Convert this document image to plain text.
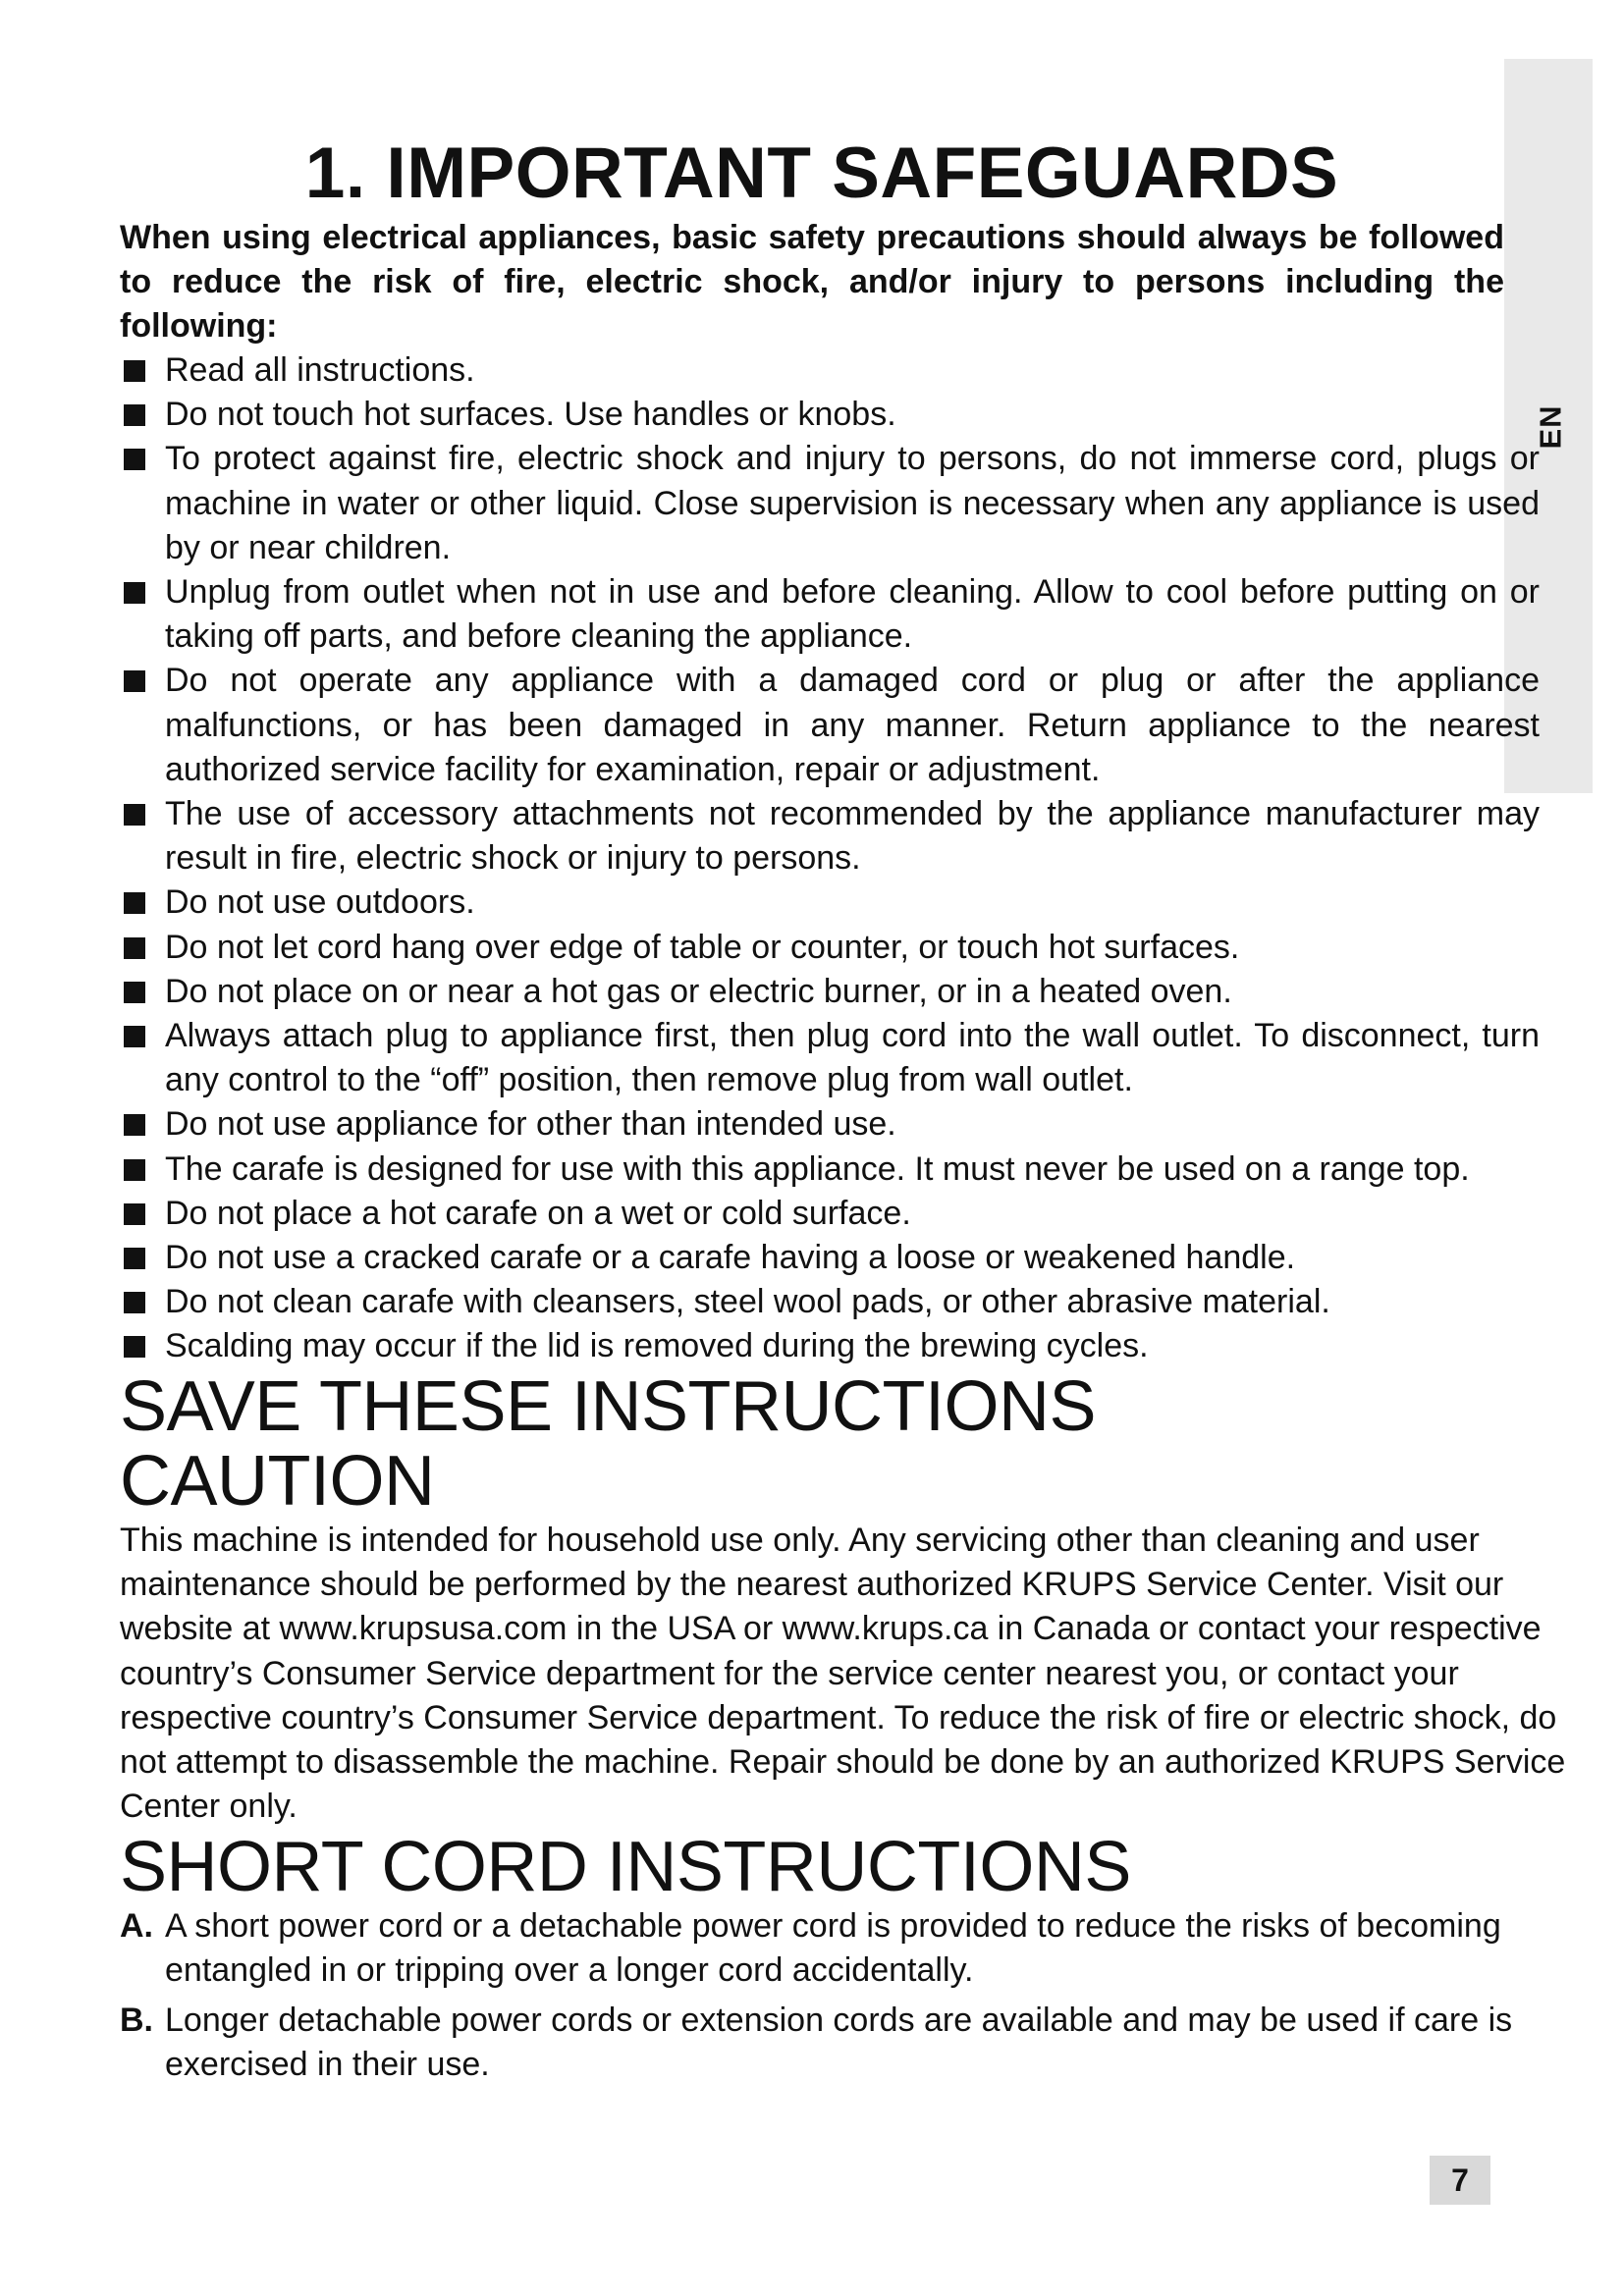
EN
1. IMPORTANT SAFEGUARDS

When using electrical appliances, basic safety precautions should always be followed to reduce the risk of fire, electric shock, and/or injury to persons including the following:

Read all instructions.
Do not touch hot surfaces. Use handles or knobs.
To protect against fire, electric shock and injury to persons, do not immerse cord, plugs or machine in water or other liquid. Close supervision is necessary when any appliance is used by or near children.
Unplug from outlet when not in use and before cleaning. Allow to cool before putting on or taking off parts, and before cleaning the appliance.
Do not operate any appliance with a damaged cord or plug or after the appliance malfunctions, or has been damaged in any manner. Return appliance to the nearest authorized service facility for examination, repair or adjustment.
The use of accessory attachments not recommended by the appliance manufacturer may result in fire, electric shock or injury to persons.
Do not use outdoors.
Do not let cord hang over edge of table or counter, or touch hot surfaces.
Do not place on or near a hot gas or electric burner, or in a heated oven.
Always attach plug to appliance first, then plug cord into the wall outlet. To disconnect, turn any control to the “off” position, then remove plug from wall outlet.
Do not use appliance for other than intended use.
The carafe is designed for use with this appliance. It must never be used on a range top.
Do not place a hot carafe on a wet or cold surface.
Do not use a cracked carafe or a carafe having a loose or weakened handle.
Do not clean carafe with cleansers, steel wool pads, or other abrasive material.
Scalding may occur if the lid is removed during the brewing cycles.
SAVE THESE INSTRUCTIONS
CAUTION

This machine is intended for household use only. Any servicing other than cleaning and user maintenance should be performed by the nearest authorized KRUPS Service Center. Visit our website at www.krupsusa.com in the USA or www.krups.ca in Canada or contact your respective country’s Consumer Service department for the service center nearest you, or contact your respective country’s Consumer Service department. To reduce the risk of fire or electric shock, do not attempt to disassemble the machine. Repair should be done by an authorized KRUPS Service Center only.

SHORT CORD INSTRUCTIONS

A. A short power cord or a detachable power cord is provided to reduce the risks of becoming entangled in or tripping over a longer cord accidentally.

B. Longer detachable power cords or extension cords are available and may be used if care is exercised in their use.

7
